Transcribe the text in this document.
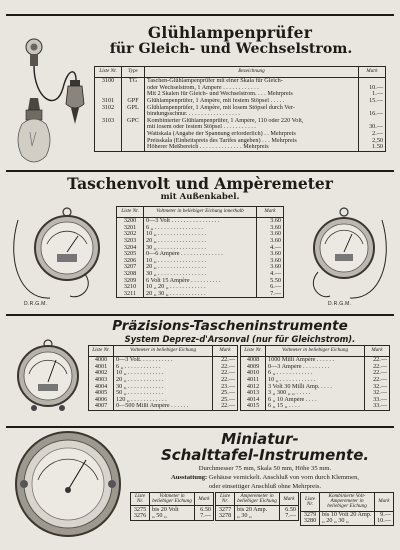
Glühlampenprüfer
für Gleich- und Wechselstrom.
Liste Nr.	Type	Bezeichnung	Mark
3100	TG	Taschen-Glühlampenprüfer mit einer Skala für Gleich-	
		oder Wechselstrom, 1 Ampere . . . . . . . . . . . .	10.—
		Mit 2 Skalen für Gleich- und Wechselstrom. . . . Mehrpreis	1.—
3101	GPF	Glühlampenprüfer, 1 Ampère, mit festem Stöpsel . . . . .	15.—
3102	GPL	Glühlampenprüfer, 1 Ampère, mit losem Stöpsel durch Ver-	
		bindungsschnur. . . . . . . . . . . . . . . . . .	16.—
3103	GPC	Kombinierter Glühlampenprüfer, 1 Ampère, 110 oder 220 Volt,	
		mit losem oder festem Stöpsel . . . . . . . . . . .	30.—
		Wattskala (Angabe der Spannung erforderlich) . . Mehrpreis	2.—
		Preisskala (Einheitspreis des Tarifes angeben) . . . Mehrpreis	2,50
		Höherer Meßbereich . . . . . . . . . . . . . . Mehrpreis	1.50
Taschenvolt und Ampèremeter
mit Außenkabel.
D.R.G.M.
Liste Nr.	Voltmeter in beliebiger Eichung innerhalb	Mark
3200	0—3 Volt . . . . . . . . . . . . . . . .	3.60
3201	6 „ . . . . . . . . . . . . . . . .	3.60
3202	10 „ . . . . . . . . . . . . . . . .	3.60
3203	20 „ . . . . . . . . . . . . . . . .	3.60
3204	30 „ . . . . . . . . . . . . . . . .	4.—
3205	0—6 Ampère . . . . . . . . . . . . . .	3.60
3206	10 „ . . . . . . . . . . . . . . . .	3.60
3207	20 „ . . . . . . . . . . . . . . . .	3.60
3208	30 „ . . . . . . . . . . . . . . . .	4.—
3209	6 Volt 15 Ampère . . . . . . . . . .	5.50
3210	10 „ 20 „ . . . . . . . . . . . .	6.—
3211	20 „ 30 „ . . . . . . . . . . . .	7.—
D.R.G.M.
Präzisions-Tascheninstrumente
System Deprez-d'Arsonval (nur für Gleichstrom).
Liste Nr.	Voltmeter in beliebiger Eichung	Mark
4000	0—3 Volt. . . . . . . . . . .	22.—
4001	6 „ . . . . . . . . . . . .	22.—
4002	10 „ . . . . . . . . . . . .	22.—
4003	20 „ . . . . . . . . . . . .	22.—
4004	30 „ . . . . . . . . . . . .	23.—
4005	50 „ . . . . . . . . . . . .	25.—
4006	120 „ . . . . . . . . . . . .	25.—
4007	0—500 Milli Ampère . . . . . .	22.—
Liste Nr.	Voltmeter in beliebiger Eichung	Mark
4008	1000 Milli Ampère . . . . . .	22.—
4009	0—3 Ampère . . . . . . . . .	22.—
4010	6 „ . . . . . . . . . . . .	22.—
4011	10 „ . . . . . . . . . . . .	22.—
4012	3 Volt 30 Milli Amp. . . . .	32.—
4013	3 „ 300 „ „ . . . . .	32.—
4014	6 „ 10 Ampère . . . .	33.—
4015	6 „ 15 „ . . . .	33.—
Miniatur-
Schalttafel-Instrumente.
Durchmesser 75 mm, Skala 50 mm, Höhe 35 mm.
Ausstattung: Gehäuse vernickelt. Anschluß von vorn durch Klemmen,
oder einseitiger Anschluß ohne Mehrpreis.
Liste Nr.	Voltmeter in beliebiger Eichung	Mark
3275	bis 20 Volt	6.50
3276	„ 50 „	7.—
Liste Nr.	Amperemeter in beliebiger Eichung	Mark
3277	bis 20 Amp.	6.50
3278	„ 30 „	7.—
Liste Nr.	Kombinierte Volt-Amperemeter in beliebiger Eichung	Mark
3279	bis 10 Volt 20 Amp.	9.—
3280	„ 20 „ 30 „	10.—
